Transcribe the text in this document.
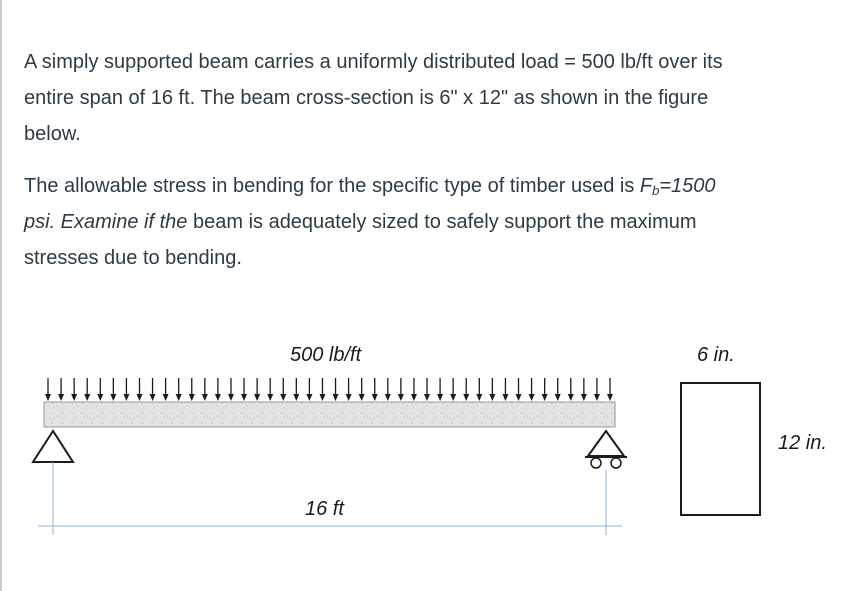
A simply supported beam carries a uniformly distributed load = 500 lb/ft over its
entire span of 16 ft. The beam cross-section is 6" x 12" as shown in the figure
below.

The allowable stress in bending for the specific type of timber used is $F_b=1500$
psi. Examine if the beam is adequately sized to safely support the maximum
stresses due to bending.

500 lb/ft
16 ft
6 in.
12 in.
